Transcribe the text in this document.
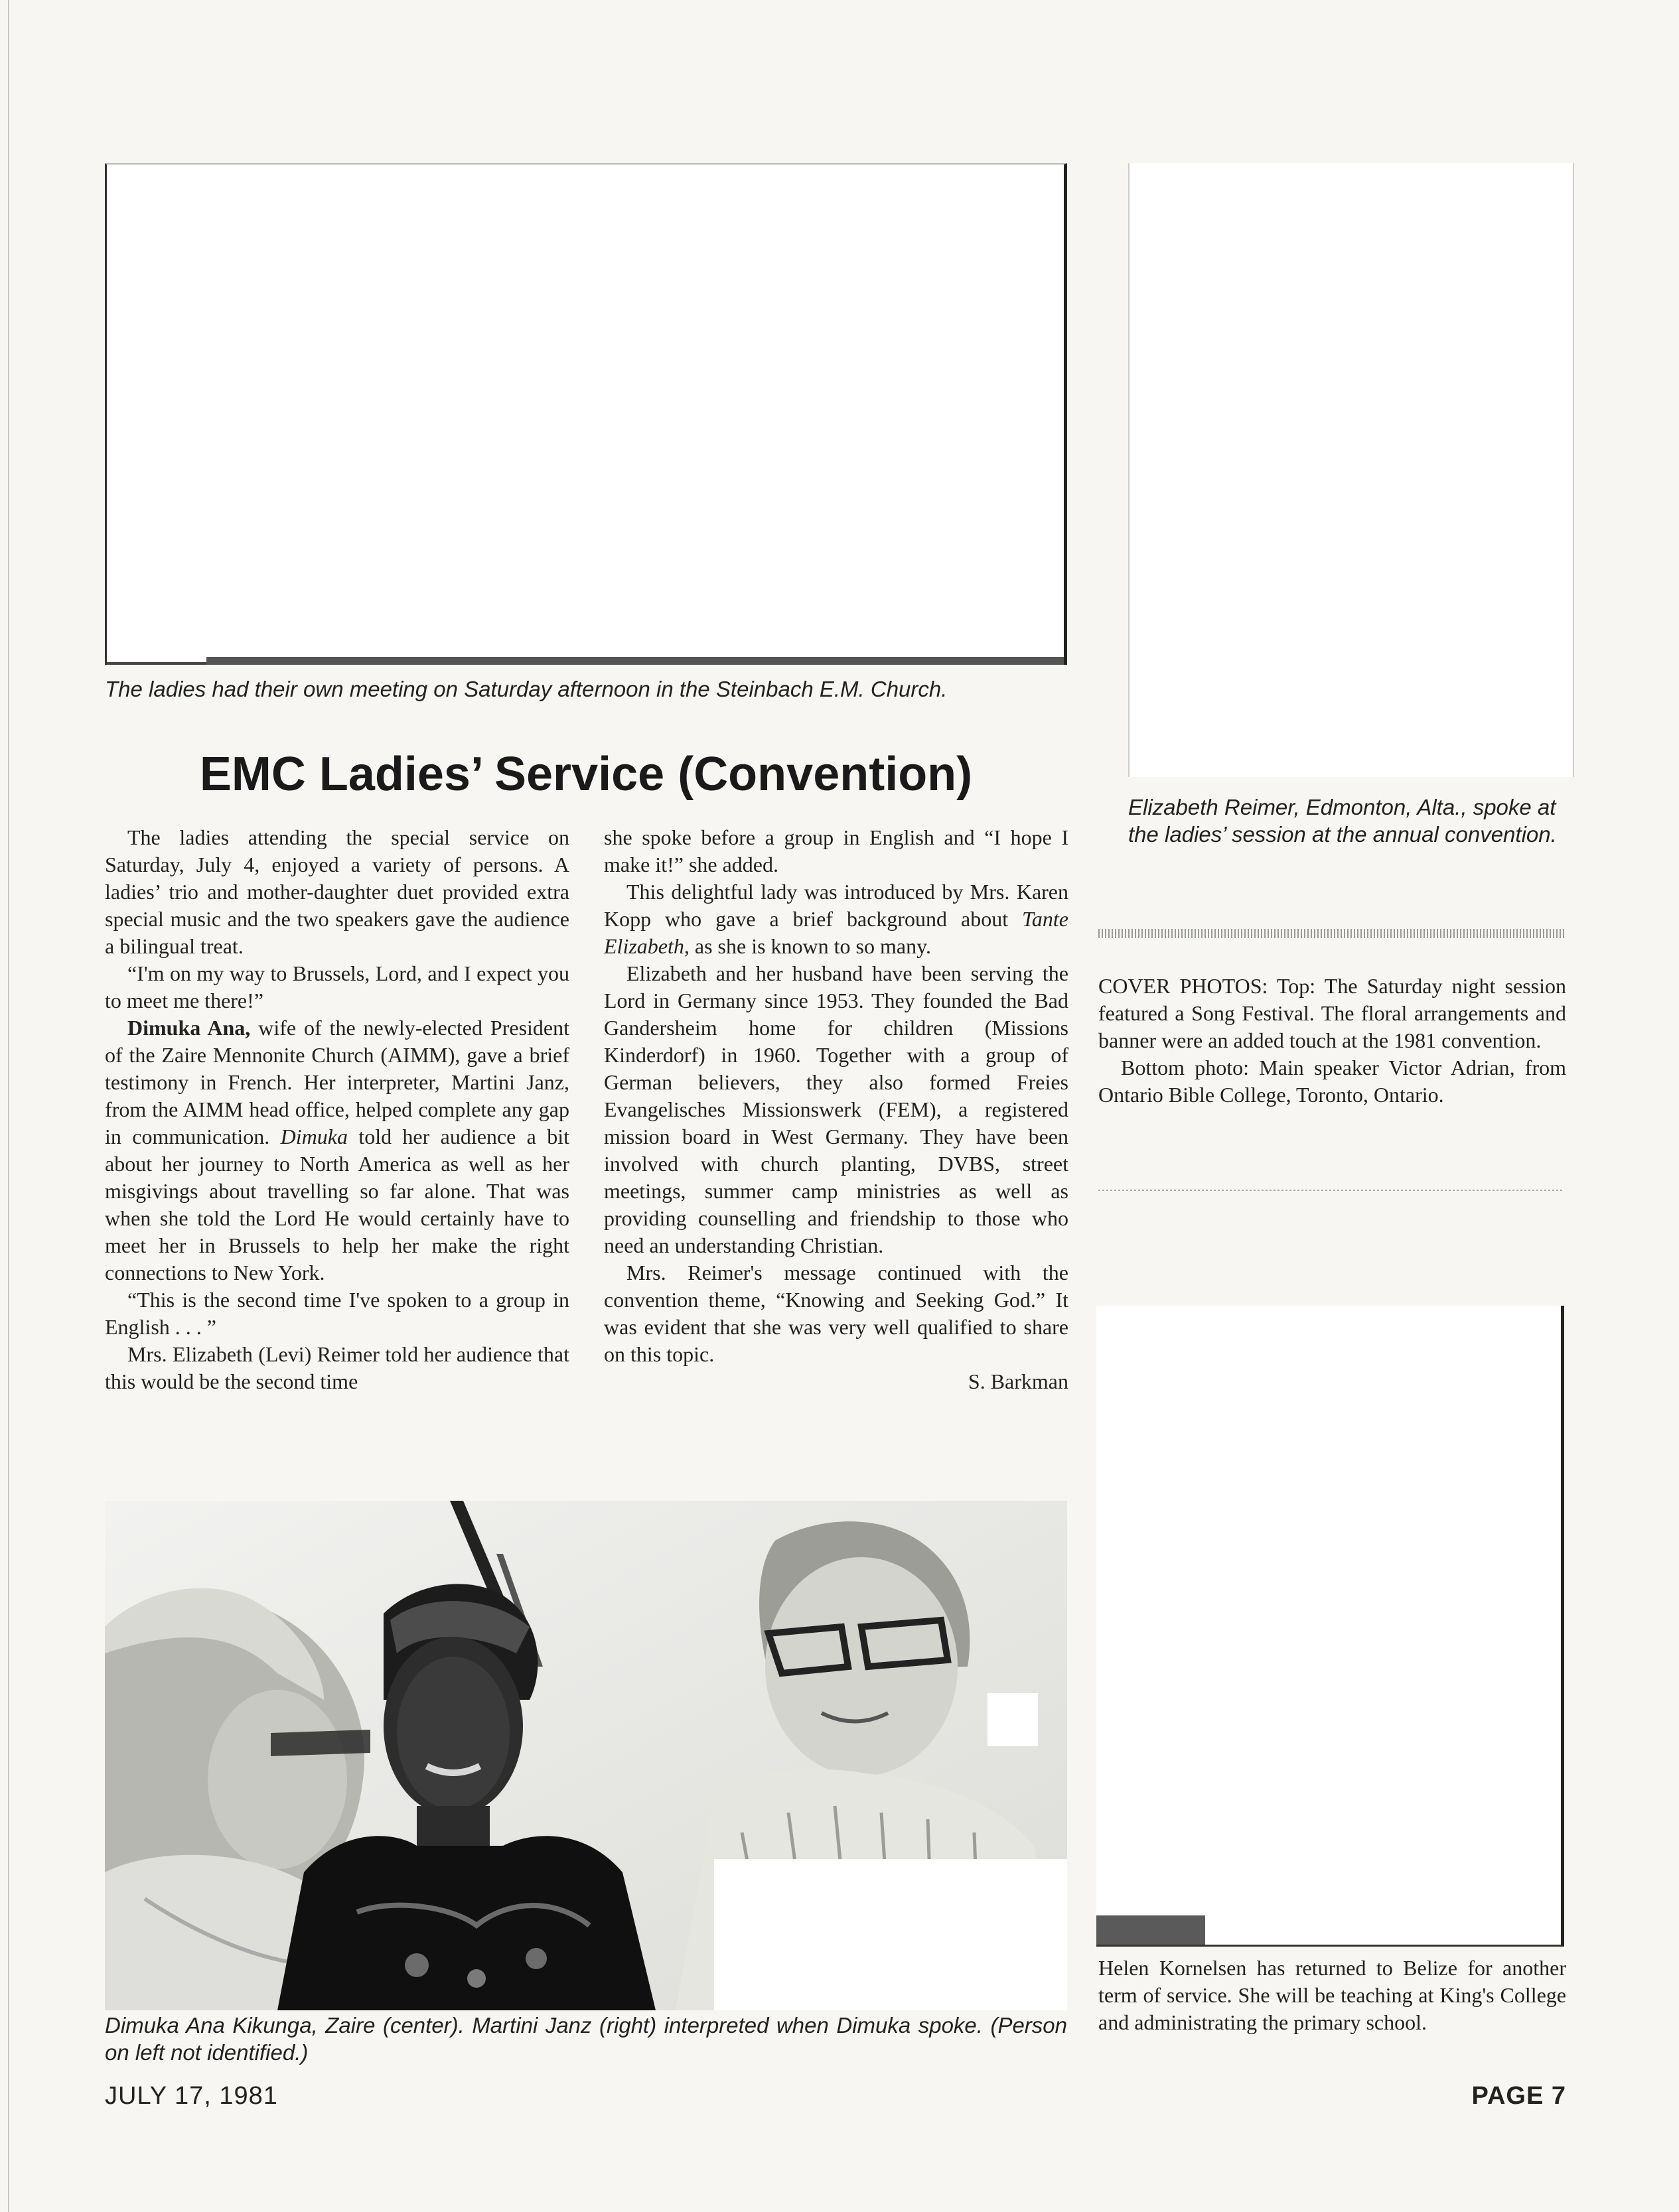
The ladies had their own meeting on Saturday afternoon in the Steinbach E.M. Church.
EMC Ladies’ Service (Convention)

The ladies attending the special service on Saturday, July 4, enjoyed a variety of persons. A ladies’ trio and mother-daughter duet provided extra special music and the two speakers gave the audience a bilingual treat.

“I'm on my way to Brussels, Lord, and I expect you to meet me there!”

Dimuka Ana, wife of the newly-elected President of the Zaire Mennonite Church (AIMM), gave a brief testimony in French. Her interpreter, Martini Janz, from the AIMM head office, helped complete any gap in communication. Dimuka told her audience a bit about her journey to North America as well as her misgivings about travelling so far alone. That was when she told the Lord He would certainly have to meet her in Brussels to help her make the right connections to New York.

“This is the second time I've spoken to a group in English . . . ”

Mrs. Elizabeth (Levi) Reimer told her audience that this would be the second time

she spoke before a group in English and “I hope I make it!” she added.

This delightful lady was introduced by Mrs. Karen Kopp who gave a brief background about Tante Elizabeth, as she is known to so many.

Elizabeth and her husband have been serving the Lord in Germany since 1953. They founded the Bad Gandersheim home for children (Missions Kinderdorf) in 1960. Together with a group of German believers, they also formed Freies Evangelisches Missionswerk (FEM), a registered mission board in West Germany. They have been involved with church planting, DVBS, street meetings, summer camp ministries as well as providing counselling and friendship to those who need an understanding Christian.

Mrs. Reimer's message continued with the convention theme, “Knowing and Seeking God.” It was evident that she was very well qualified to share on this topic.

S. Barkman

Elizabeth Reimer, Edmonton, Alta., spoke at the ladies’ session at the annual convention.

COVER PHOTOS: Top: The Saturday night session featured a Song Festival. The floral arrangements and banner were an added touch at the 1981 convention.

Bottom photo: Main speaker Victor Adrian, from Ontario Bible College, Toronto, Ontario.

Helen Kornelsen has returned to Belize for another term of service. She will be teaching at King's College and administrating the primary school.

Dimuka Ana Kikunga, Zaire (center). Martini Janz (right) interpreted when Dimuka spoke. (Person on left not identified.)
JULY 17, 1981	PAGE 7
